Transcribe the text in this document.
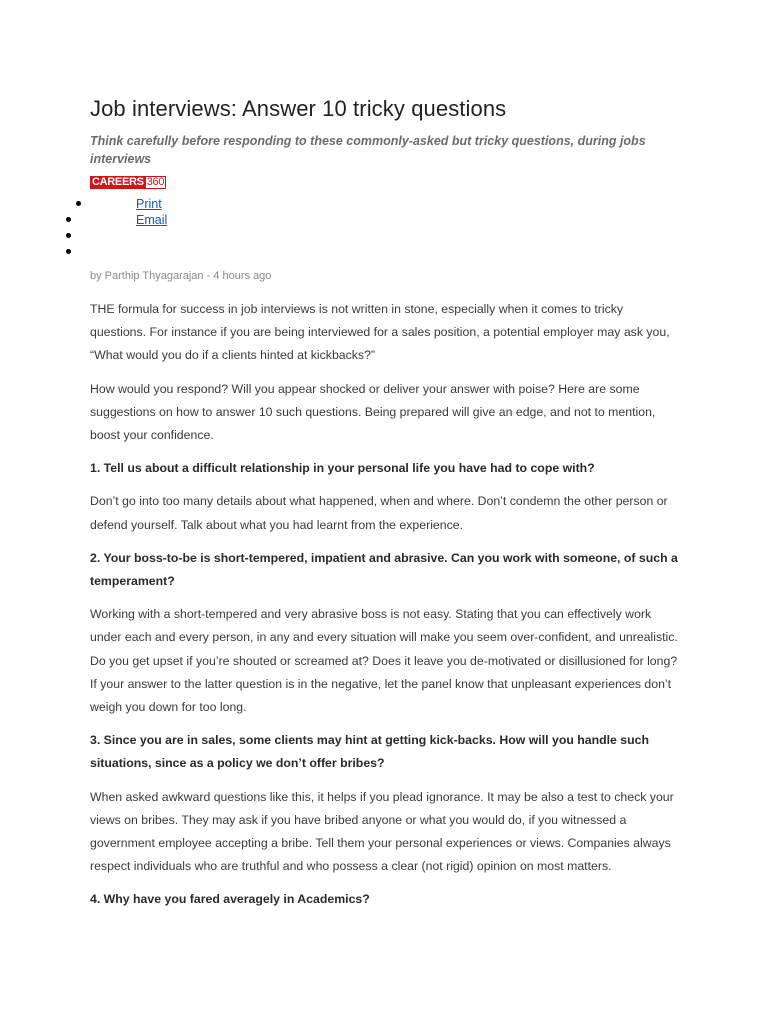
Job interviews: Answer 10 tricky questions

Think carefully before responding to these commonly-asked but tricky questions, during jobs interviews

CAREERS 360
Print
Email
by Parthip Thyagarajan - 4 hours ago

THE formula for success in job interviews is not written in stone, especially when it comes to tricky questions. For instance if you are being interviewed for a sales position, a potential employer may ask you, “What would you do if a clients hinted at kickbacks?”

How would you respond? Will you appear shocked or deliver your answer with poise? Here are some suggestions on how to answer 10 such questions. Being prepared will give an edge, and not to mention, boost your confidence.

1. Tell us about a difficult relationship in your personal life you have had to cope with?

Don’t go into too many details about what happened, when and where. Don’t condemn the other person or defend yourself. Talk about what you had learnt from the experience.

2. Your boss-to-be is short-tempered, impatient and abrasive. Can you work with someone, of such a temperament?

Working with a short-tempered and very abrasive boss is not easy. Stating that you can effectively work under each and every person, in any and every situation will make you seem over-confident, and unrealistic. Do you get upset if you’re shouted or screamed at? Does it leave you de-motivated or disillusioned for long? If your answer to the latter question is in the negative, let the panel know that unpleasant experiences don’t weigh you down for too long.

3. Since you are in sales, some clients may hint at getting kick-backs. How will you handle such situations, since as a policy we don’t offer bribes?

When asked awkward questions like this, it helps if you plead ignorance. It may be also a test to check your views on bribes. They may ask if you have bribed anyone or what you would do, if you witnessed a government employee accepting a bribe. Tell them your personal experiences or views. Companies always respect individuals who are truthful and who possess a clear (not rigid) opinion on most matters.

4. Why have you fared averagely in Academics?
